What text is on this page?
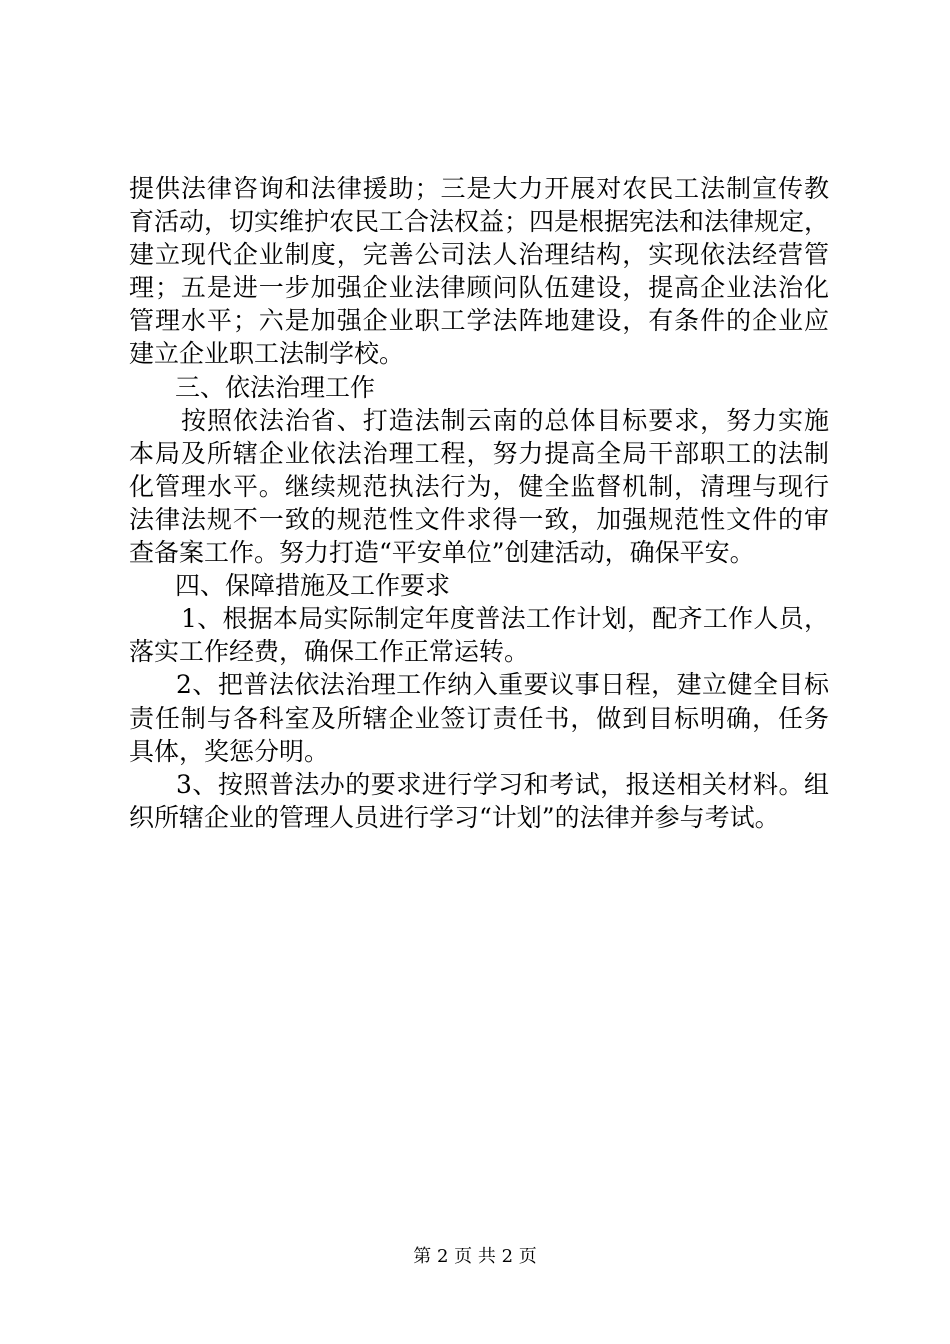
提供法律咨询和法律援助；三是大力开展对农民工法制宣传教
育活动，切实维护农民工合法权益；四是根据宪法和法律规定，
建立现代企业制度，完善公司法人治理结构，实现依法经营管
理；五是进一步加强企业法律顾问队伍建设，提高企业法治化
管理水平；六是加强企业职工学法阵地建设，有条件的企业应
建立企业职工法制学校。
三、依法治理工作
按照依法治省、打造法制云南的总体目标要求，努力实施
本局及所辖企业依法治理工程，努力提高全局干部职工的法制
化管理水平。继续规范执法行为，健全监督机制，清理与现行
法律法规不一致的规范性文件求得一致，加强规范性文件的审
查备案工作。努力打造“平安单位”创建活动，确保平安。
四、保障措施及工作要求
1、根据本局实际制定年度普法工作计划，配齐工作人员，
落实工作经费，确保工作正常运转。
2、把普法依法治理工作纳入重要议事日程，建立健全目标
责任制与各科室及所辖企业签订责任书，做到目标明确，任务
具体，奖惩分明。
3、按照普法办的要求进行学习和考试，报送相关材料。组
织所辖企业的管理人员进行学习“计划”的法律并参与考试。
第 2 页 共 2 页
